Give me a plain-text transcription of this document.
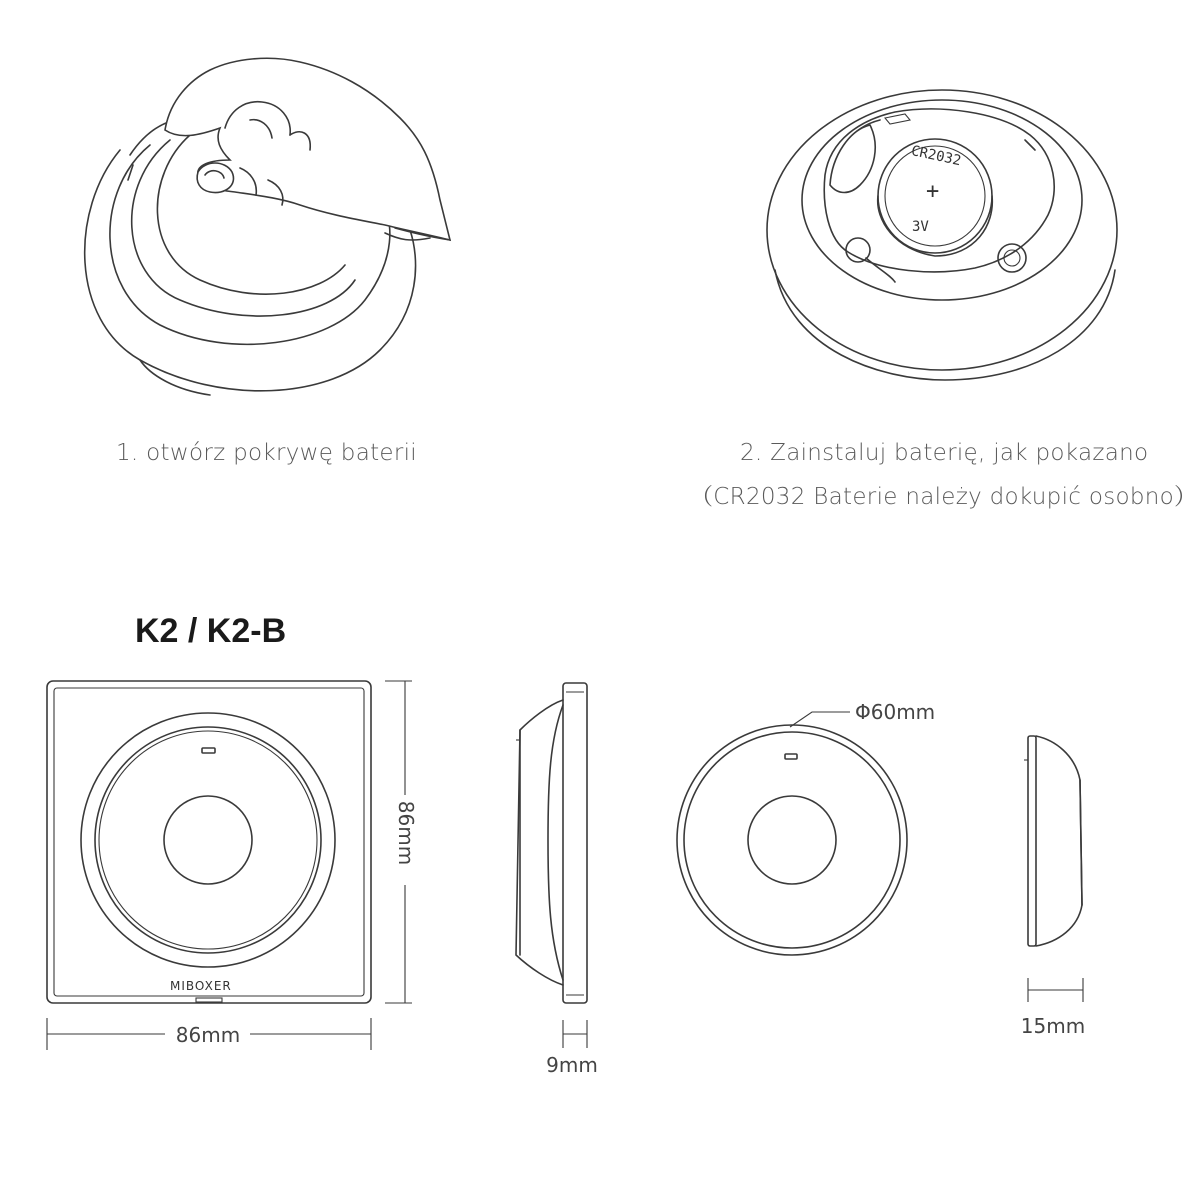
CR2032
+
3V
MIBOXER
86mm
86mm
9mm
Φ60mm
15mm
1. otwórz pokrywę baterii	2. Zainstaluj baterię, jak pokazano
（CR2032 Baterie należy dokupić osobno）
K2 / K2-B
